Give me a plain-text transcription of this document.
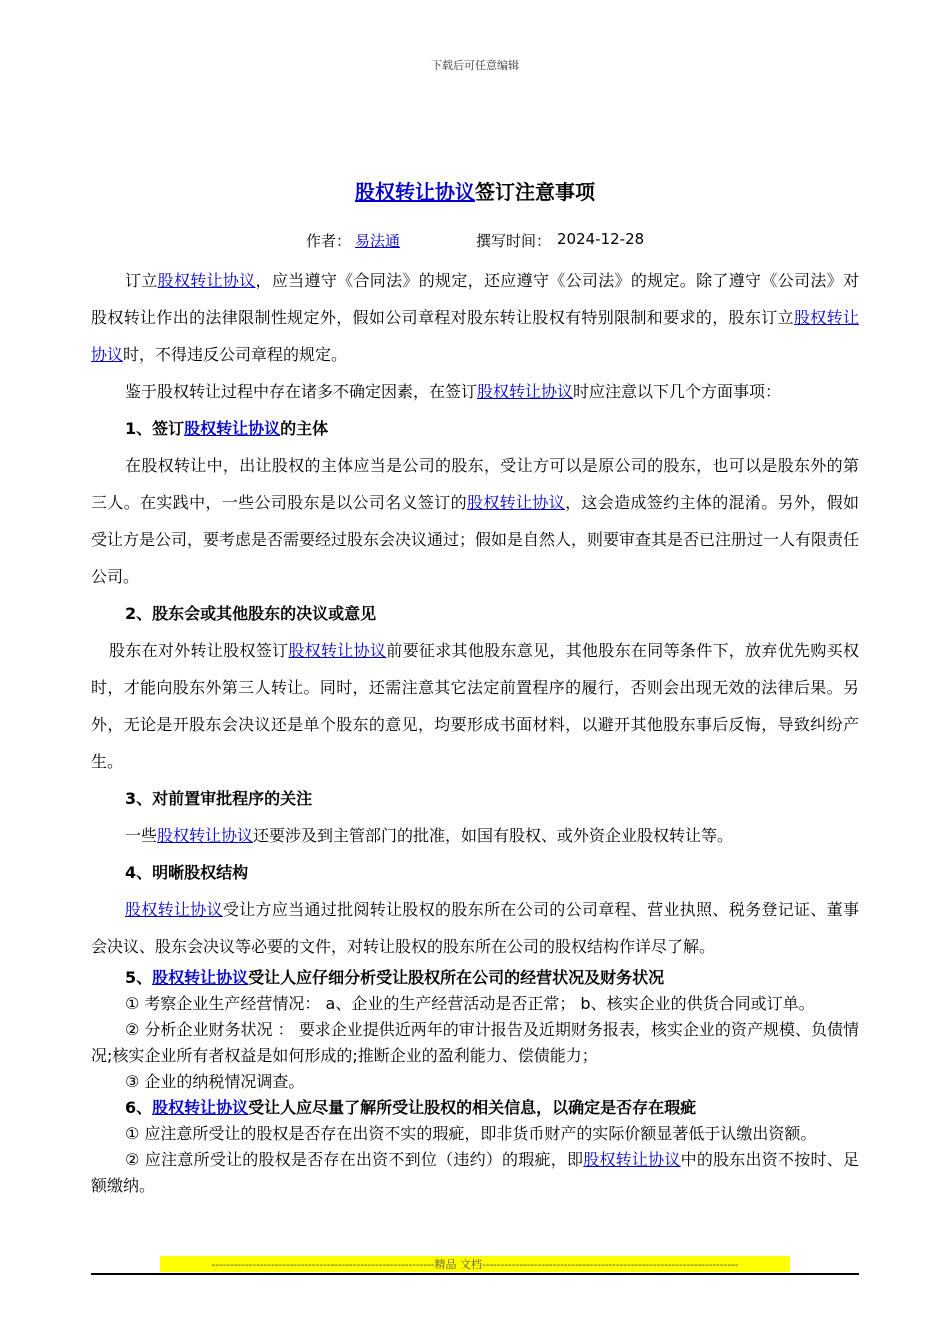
下载后可任意编辑
股权转让协议签订注意事项
作者： 易法通	撰写时间： 2024-12-28

订立股权转让协议，应当遵守《合同法》的规定，还应遵守《公司法》的规定。除了遵守《公司法》对股权转让作出的法律限制性规定外，假如公司章程对股东转让股权有特别限制和要求的，股东订立股权转让协议时，不得违反公司章程的规定。

鉴于股权转让过程中存在诸多不确定因素，在签订股权转让协议时应注意以下几个方面事项：

1、签订股权转让协议的主体

在股权转让中，出让股权的主体应当是公司的股东，受让方可以是原公司的股东，也可以是股东外的第三人。在实践中，一些公司股东是以公司名义签订的股权转让协议，这会造成签约主体的混淆。另外，假如受让方是公司，要考虑是否需要经过股东会决议通过；假如是自然人，则要审查其是否已注册过一人有限责任公司。

2、股东会或其他股东的决议或意见

股东在对外转让股权签订股权转让协议前要征求其他股东意见，其他股东在同等条件下，放弃优先购买权时，才能向股东外第三人转让。同时，还需注意其它法定前置程序的履行，否则会出现无效的法律后果。另外，无论是开股东会决议还是单个股东的意见，均要形成书面材料，以避开其他股东事后反悔，导致纠纷产生。

3、对前置审批程序的关注

一些股权转让协议还要涉及到主管部门的批准，如国有股权、或外资企业股权转让等。

4、明晰股权结构

股权转让协议受让方应当通过批阅转让股权的股东所在公司的公司章程、营业执照、税务登记证、董事会决议、股东会决议等必要的文件，对转让股权的股东所在公司的股权结构作详尽了解。

5、股权转让协议受让人应仔细分析受让股权所在公司的经营状况及财务状况

① 考察企业生产经营情况： a、企业的生产经营活动是否正常； b、核实企业的供货合同或订单。

② 分析企业财务状况 ： 要求企业提供近两年的审计报告及近期财务报表，核实企业的资产规模、负债情况;核实企业所有者权益是如何形成的;推断企业的盈利能力、偿债能力；

③ 企业的纳税情况调查。

6、股权转让协议受让人应尽量了解所受让股权的相关信息，以确定是否存在瑕疵

① 应注意所受让的股权是否存在出资不实的瑕疵，即非货币财产的实际价额显著低于认缴出资额。

② 应注意所受让的股权是否存在出资不到位（违约）的瑕疵，即股权转让协议中的股东出资不按时、足额缴纳。

------------------------------------------------------------精品 文档---------------------------------------------------------------------
